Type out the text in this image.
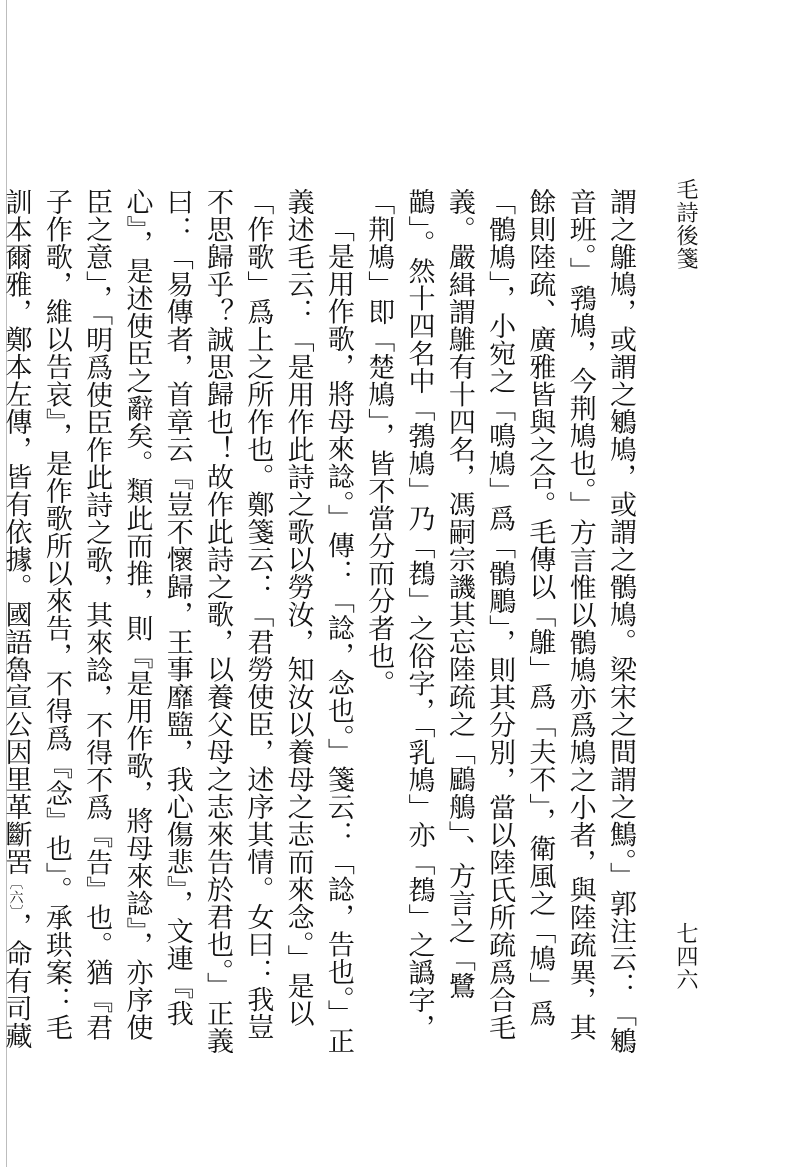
毛詩後箋
七四六

謂之鵻鳩，或謂之鵴鳩，或謂之鶻鳩。梁宋之間謂之鷦。」郭注云：「鵴音班。」䳕鳩，今荆鳩也。」方言惟以鶻鳩亦爲鳩之小者，與陸疏異，其餘則陸疏、廣雅皆與之合。毛傳以「鵻」爲「夫不」，衛風之「鳩」爲「鶻鳩」，小宛之「鳴鳩」爲「鶻鵰」，則其分別，當以陸氏所疏爲合毛義。嚴緝謂鵻有十四名，馮嗣宗譏其忘陸疏之「鶌鵃」、方言之「鷺鶓」。然十四名中「鵓鳩」乃「䳓」之俗字，「乳鳩」亦「䳓」之譌字，「荆鳩」即「楚鳩」，皆不當分而分者也。

「是用作歌，將母來諗。」傳：「諗，念也。」箋云：「諗，告也。」正義述毛云：「是用作此詩之歌以勞汝，知汝以養母之志而來念。」是以「作歌」爲上之所作也。鄭箋云：「君勞使臣，述序其情。女曰：我豈不思歸乎？誠思歸也！故作此詩之歌，以養父母之志來告於君也。」正義曰：「易傳者，首章云『豈不懷歸，王事靡盬，我心傷悲』，文連『我心』，是述使臣之辭矣。類此而推，則『是用作歌，將母來諗』，亦序使臣之意」，「明爲使臣作此詩之歌，其來諗，不得不爲『告』也。猶『君子作歌，維以告哀』，是作歌所以來告，不得爲『念』也」。承珙案：毛訓本爾雅，鄭本左傳，皆有依據。國語魯宣公因里革斷罟〔六〕，命有司藏
